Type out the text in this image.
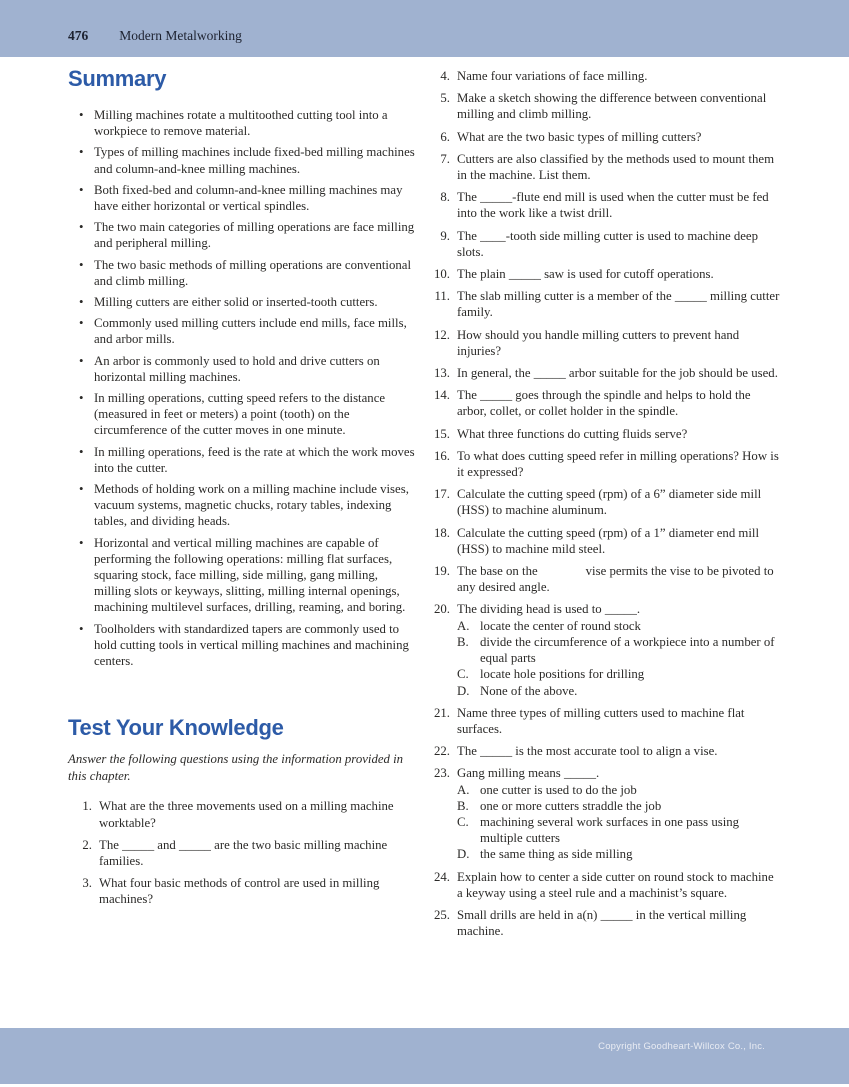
476 Modern Metalworking
Summary
• Milling machines rotate a multitoothed cutting tool into a workpiece to remove material.
• Types of milling machines include fixed-bed milling machines and column-and-knee milling machines.
• Both fixed-bed and column-and-knee milling machines may have either horizontal or vertical spindles.
• The two main categories of milling operations are face milling and peripheral milling.
• The two basic methods of milling operations are conventional and climb milling.
• Milling cutters are either solid or inserted-tooth cutters.
• Commonly used milling cutters include end mills, face mills, and arbor mills.
• An arbor is commonly used to hold and drive cutters on horizontal milling machines.
• In milling operations, cutting speed refers to the distance (measured in feet or meters) a point (tooth) on the circumference of the cutter moves in one minute.
• In milling operations, feed is the rate at which the work moves into the cutter.
• Methods of holding work on a milling machine include vises, vacuum systems, magnetic chucks, rotary tables, indexing tables, and dividing heads.
• Horizontal and vertical milling machines are capable of performing the following operations: milling flat surfaces, squaring stock, face milling, side milling, gang milling, milling slots or keyways, slitting, milling internal openings, machining multilevel surfaces, drilling, reaming, and boring.
• Toolholders with standardized tapers are commonly used to hold cutting tools in vertical milling machines and machining centers.
Test Your Knowledge

Answer the following questions using the information provided in this chapter.

1. What are the three movements used on a milling machine worktable?
2. The _____ and _____ are the two basic milling machine families.
3. What four basic methods of control are used in milling machines?
4. Name four variations of face milling.
5. Make a sketch showing the difference between conventional milling and climb milling.
6. What are the two basic types of milling cutters?
7. Cutters are also classified by the methods used to mount them in the machine. List them.
8. The _____-flute end mill is used when the cutter must be fed into the work like a twist drill.
9. The ____-tooth side milling cutter is used to machine deep slots.
10. The plain _____ saw is used for cutoff operations.
11. The slab milling cutter is a member of the _____ milling cutter family.
12. How should you handle milling cutters to prevent hand injuries?
13. In general, the _____ arbor suitable for the job should be used.
14. The _____ goes through the spindle and helps to hold the arbor, collet, or collet holder in the spindle.
15. What three functions do cutting fluids serve?
16. To what does cutting speed refer in milling operations? How is it expressed?
17. Calculate the cutting speed (rpm) of a 6” diameter side mill (HSS) to machine aluminum.
18. Calculate the cutting speed (rpm) of a 1” diameter end mill (HSS) to machine mild steel.
19. The base on the               vise permits the vise to be pivoted to any desired angle.
20. The dividing head is used to _____.
A. locate the center of round stock
B. divide the circumference of a workpiece into a number of equal parts
C. locate hole positions for drilling
D. None of the above.
21. Name three types of milling cutters used to machine flat surfaces.
22. The _____ is the most accurate tool to align a vise.
23. Gang milling means _____.
A. one cutter is used to do the job
B. one or more cutters straddle the job
C. machining several work surfaces in one pass using multiple cutters
D. the same thing as side milling
24. Explain how to center a side cutter on round stock to machine a keyway using a steel rule and a machinist’s square.
25. Small drills are held in a(n) _____ in the vertical milling machine.
Copyright Goodheart-Willcox Co., Inc.
